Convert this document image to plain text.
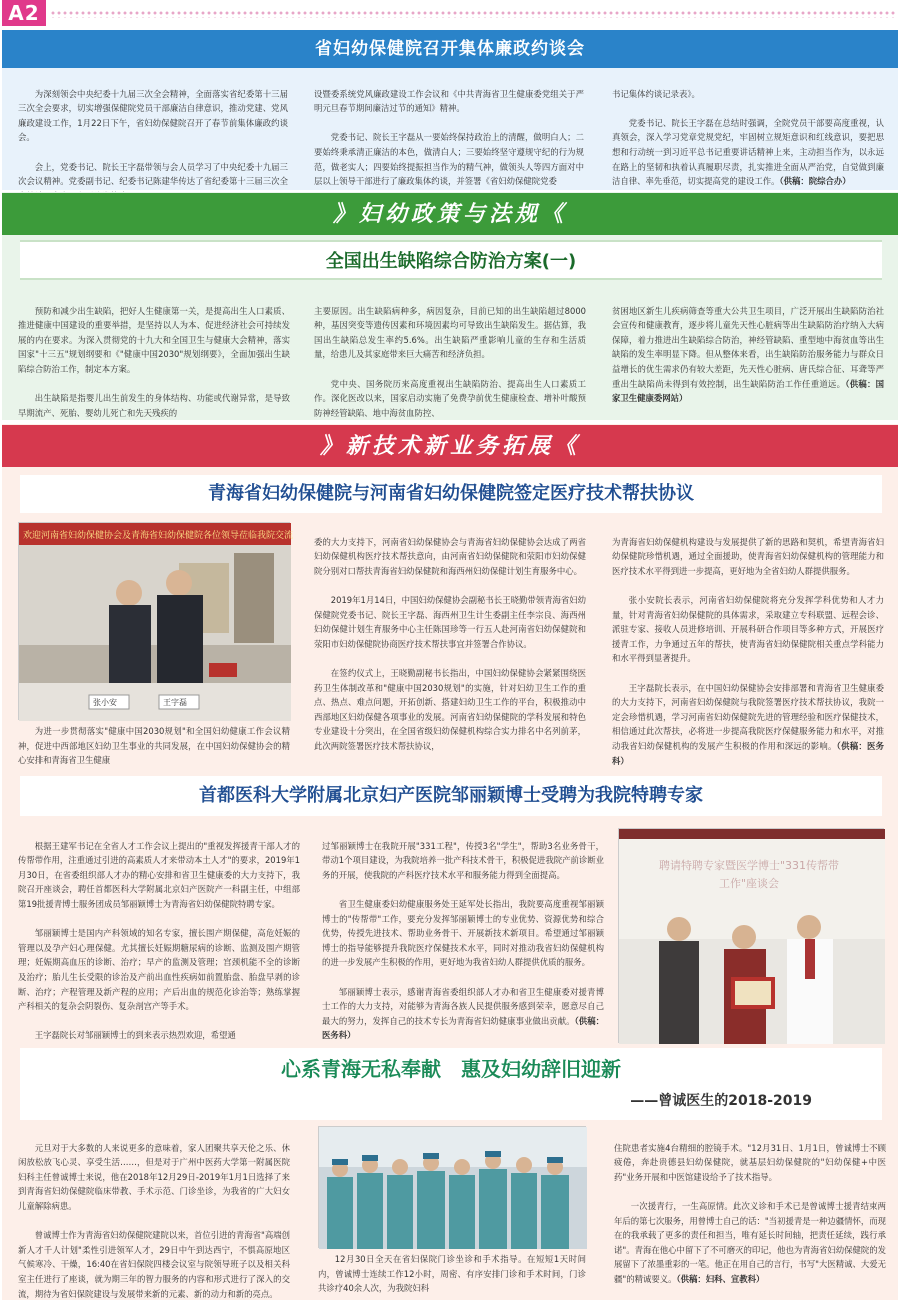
A2
省妇幼保健院召开集体廉政约谈会

为深刻领会中央纪委十九届三次全会精神，全面落实省纪委第十三届三次全会要求，切实增强保健院党员干部廉洁自律意识，推动党建、党风廉政建设工作，1月22日下午，省妇幼保健院召开了春节前集体廉政约谈会。

会上，党委书记、院长王字磊带领与会人员学习了中央纪委十九届三次会议精神。党委副书记、纪委书记陈建华传达了省纪委第十三届三次全

设暨委系统党风廉政建设工作会议和《中共青海省卫生健康委党组关于严明元旦春节期间廉洁过节的通知》精神。

党委书记、院长王字磊从一要始终保持政治上的清醒，做明白人；二要始终秉承清正廉洁的本色，做清白人；三要始终坚守遵规守纪的行为规范，做老实人；四要始终提振担当作为的精气神，做领头人等四方面对中层以上领导干部进行了廉政集体约谈，并签署《省妇幼保健院党委

书记集体约谈记录表》。

党委书记、院长王字磊在总结时强调，全院党员干部要高度重视，认真领会，深入学习党章党规党纪，牢固树立规矩意识和红线意识，要把思想和行动统一到习近平总书记重要讲话精神上来，主动担当作为，以永远在路上的坚韧和执着认真履职尽责，扎实推进全面从严治党，自觉做到廉洁自律、率先垂范，切实提高党的建设工作。（供稿：院综合办）

》妇幼政策与法规《
全国出生缺陷综合防治方案(一)

预防和减少出生缺陷，把好人生健康第一关，是提高出生人口素质、推进健康中国建设的重要举措，是坚持以人为本、促进经济社会可持续发展的内在要求。为深入贯彻党的十九大和全国卫生与健康大会精神，落实国家"十三五"规划纲要和《"健康中国2030"规划纲要》，全面加强出生缺陷综合防治工作，制定本方案。

出生缺陷是指婴儿出生前发生的身体结构、功能或代谢异常，是导致早期流产、死胎、婴幼儿死亡和先天残疾的

主要原因。出生缺陷病种多，病因复杂，目前已知的出生缺陷超过8000种，基因突变等遗传因素和环境因素均可导致出生缺陷发生。据估算，我国出生缺陷总发生率约5.6%。出生缺陷严重影响儿童的生存和生活质量，给患儿及其家庭带来巨大痛苦和经济负担。

党中央、国务院历来高度重视出生缺陷防治、提高出生人口素质工作。深化医改以来，国家启动实施了免费孕前优生健康检查、增补叶酸预防神经管缺陷、地中海贫血防控、

贫困地区新生儿疾病筛查等重大公共卫生项目，广泛开展出生缺陷防治社会宣传和健康教育，逐步将儿童先天性心脏病等出生缺陷防治疗纳入大病保障，着力推进出生缺陷综合防治，神经管缺陷、重型地中海贫血等出生缺陷的发生率明显下降。但从整体来看，出生缺陷防治服务能力与群众日益增长的优生需求仍有较大差距，先天性心脏病、唐氏综合征、耳聋等严重出生缺陷尚未得到有效控制，出生缺陷防治工作任重道远。（供稿：国家卫生健康委网站）

》新技术新业务拓展《
青海省妇幼保健院与河南省妇幼保健院签定医疗技术帮扶协议
欢迎河南省妇幼保健协会及青海省妇幼保健院各位领导莅临我院交流
张小安	王字磊
为进一步贯彻落实"健康中国2030规划"和全国妇幼健康工作会议精神，促进中西部地区妇幼卫生事业的共同发展，在中国妇幼保健协会的精心安排和青海省卫生健康

委的大力支持下，河南省妇幼保健协会与青海省妇幼保健协会达成了两省妇幼保健机构医疗技术帮扶意向，由河南省妇幼保健院和荥阳市妇幼保健院分别对口帮扶青海省妇幼保健院和海西州妇幼保健计划生育服务中心。

2019年1月14日，中国妇幼保健协会副秘书长王晓勤带领青海省妇幼保健院党委书记、院长王字磊、海西州卫生计生委副主任李宗良、海西州妇幼保健计划生育服务中心主任陈国珍等一行五人赴河南省妇幼保健院和荥阳市妇幼保健院协商医疗技术帮扶事宜并签署合作协议。

在签约仪式上，王晓勤副秘书长指出，中国妇幼保健协会紧紧围绕医药卫生体制改革和"健康中国2030规划"的实施，针对妇幼卫生工作的重点、热点、难点问题，开拓创新、搭建妇幼卫生工作的平台，积极推动中西部地区妇幼保健各项事业的发展。河南省妇幼保健院的学科发展和特色专业建设十分突出，在全国省级妇幼保健机构综合实力排名中名列前茅，此次两院签署医疗技术帮扶协议，

为青海省妇幼保健机构建设与发展提供了新的思路和契机，希望青海省妇幼保健院珍惜机遇，通过全面援助，使青海省妇幼保健机构的管理能力和医疗技术水平得到进一步提高，更好地为全省妇幼人群提供服务。

张小安院长表示，河南省妇幼保健院将充分发挥学科优势和人才力量，针对青海省妇幼保健院的具体需求，采取建立专科联盟、远程会诊、派驻专家、接收人员进修培训、开展科研合作项目等多种方式，开展医疗援青工作，力争通过五年的帮扶，使青海省妇幼保健院相关重点学科能力和水平得到显著提升。

王字磊院长表示，在中国妇幼保健协会安排部署和青海省卫生健康委的大力支持下，河南省妇幼保健院与我院签署医疗技术帮扶协议，我院一定会珍惜机遇，学习河南省妇幼保健院先进的管理经验和医疗保健技术，相信通过此次帮扶，必将进一步提高我院医疗保健服务能力和水平，对推动我省妇幼保健机构的发展产生积极的作用和深远的影响。（供稿：医务科）

首都医科大学附属北京妇产医院邹丽颖博士受聘为我院特聘专家

根据王建军书记在全省人才工作会议上提出的"重视发挥援青干部人才的传帮带作用，注重通过引进的高素质人才来带动本土人才"的要求，2019年1月30日，在省委组织部人才办的精心安排和省卫生健康委的大力支持下，我院召开座谈会，聘任首都医科大学附属北京妇产医院产一科副主任，中组部第19批援青博士服务团成员邹丽颖博士为青海省妇幼保健院特聘专家。

邹丽颖博士是国内产科领域的知名专家，擅长围产期保健，高危妊娠的管理以及孕产妇心理保健。尤其擅长妊娠期糖尿病的诊断、监测及围产期管理；妊娠期高血压的诊断、治疗；早产的监测及管理；宫颈机能不全的诊断及治疗；胎儿生长受限的诊治及产前出血性疾病如前置胎盘、胎盘早剥的诊断、治疗；产程管理及新产程的应用；产后出血的规范化诊治等；熟练掌握产科相关的复杂会阴裂伤、复杂剖宫产等手术。

王字磊院长对邹丽颖博士的到来表示热烈欢迎，希望通

过邹丽颖博士在我院开展"331工程"，传授3名"学生"，帮助3名业务骨干，带动1个项目建设，为我院培养一批产科技术骨干，积极促进我院产前诊断业务的开展，使我院的产科医疗技术水平和服务能力得到全面提高。

省卫生健康委妇幼健康服务处王延军处长指出，我院要高度重视邹丽颖博士的"传帮带"工作，要充分发挥邹丽颖博士的专业优势、资源优势和综合优势，传授先进技术、帮助业务骨干、开展新技术新项目。希望通过邹丽颖博士的指导能够提升我院医疗保健技术水平，同时对推动我省妇幼保健机构的进一步发展产生积极的作用，更好地为我省妇幼人群提供优质的服务。

邹丽颖博士表示，感谢青海省委组织部人才办和省卫生健康委对援青博士工作的大力支持，对能够为青海各族人民提供服务感到荣幸，愿意尽自己最大的努力，发挥自己的技术专长为青海省妇幼健康事业做出贡献。（供稿：医务科）

聘请特聘专家暨医学博士"331传帮带
工作"座谈会
心系青海无私奉献　惠及妇幼辞旧迎新
——曾诚医生的2018-2019

元旦对于大多数的人来说更多的意味着，家人团聚共享天伦之乐、休闲放松放飞心灵、享受生活……，但是对于广州中医药大学第一附属医院妇科主任曾诚博士来说，他在2018年12月29日-2019年1月1日选择了来到青海省妇幼保健院临床带教、手术示范、门诊坐诊，为我省的广大妇女儿童解除病患。

曾诚博士作为青海省妇幼保健院建院以来，首位引进的青海省"高端创新人才千人计划"柔性引进领军人才，29日中午到达西宁，不惧高原地区气候寒冷、干燥，16:40在省妇保院四楼会议室与院领导班子以及相关科室主任进行了座谈，就为期三年的智力服务的内容和形式进行了深入的交流，期待为省妇保院建设与发展带来新的元素、新的动力和新的亮点。

12月30日全天在省妇保院门诊坐诊和手术指导。在短短1天时间内，曾诚博士连续工作12小时，周密、有序安排门诊和手术时间，门诊共诊疗40余人次，为我院妇科

住院患者实施4台精细的腔镜手术。"12月31日、1月1日，曾诚博士不顾疲倦，奔赴贵德县妇幼保健院，就基层妇幼保健院的"妇幼保健+中医药"业务开展和中医馆建设给予了技术指导。

一次援青行，一生高原情。此次义诊和手术已是曾诚博士援青结束两年后的第七次服务，用曾博士自己的话："当初援青是一种边疆情怀，而现在的我承载了更多的责任和担当，唯有延长时间轴，把责任延续，践行承诺"。青海在他心中留下了不可磨灭的印记，他也为青海省妇幼保健院的发展留下了浓墨重彩的一笔。他正在用自己的言行，书写"大医精诚、大爱无疆"的精诚要义。（供稿：妇科、宣教科）
